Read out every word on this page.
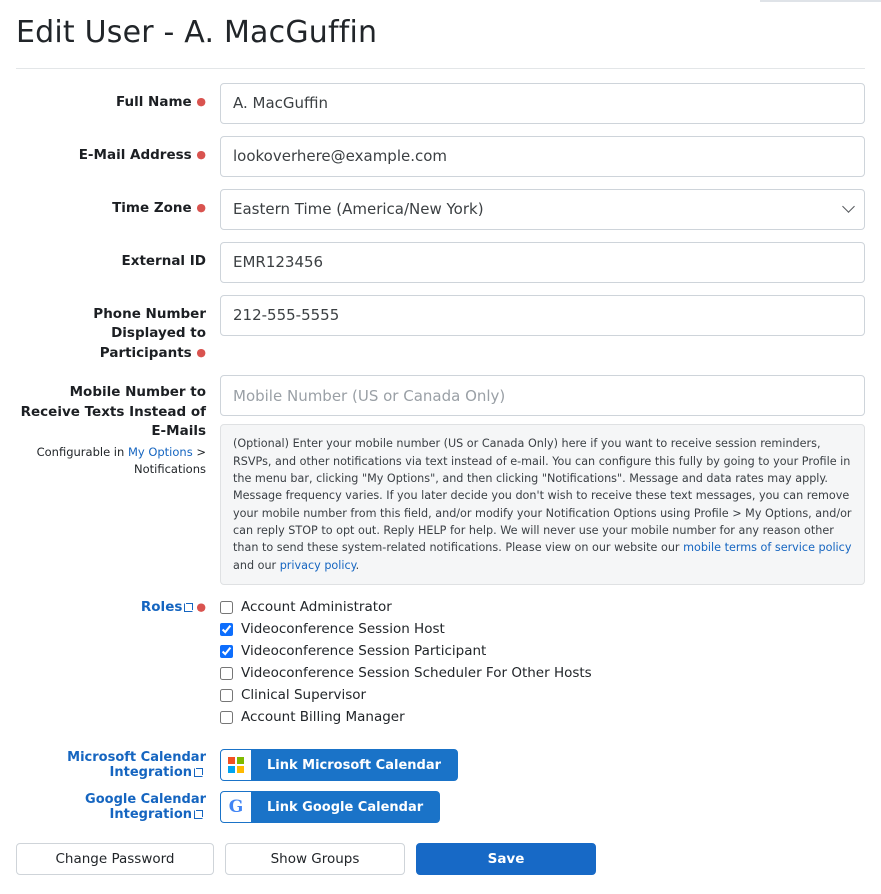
Edit User - A. MacGuffin
Full Name ●
A. MacGuffin
E-Mail Address ●
lookoverhere@example.com
Time Zone ●
Eastern Time (America/New York)
External ID
EMR123456
Phone Number Displayed to Participants ●
212-555-5555
Mobile Number to Receive Texts Instead of E-Mails
Configurable in My Options > Notifications
Mobile Number (US or Canada Only)
(Optional) Enter your mobile number (US or Canada Only) here if you want to receive session reminders, RSVPs, and other notifications via text instead of e-mail. You can configure this fully by going to your Profile in the menu bar, clicking "My Options", and then clicking "Notifications". Message and data rates may apply. Message frequency varies. If you later decide you don't wish to receive these text messages, you can remove your mobile number from this field, and/or modify your Notification Options using Profile > My Options, and/or can reply STOP to opt out. Reply HELP for help. We will never use your mobile number for any reason other than to send these system-related notifications. Please view on our website our mobile terms of service policy and our privacy policy.
Roles ●	Account Administrator
Videoconference Session Host
Videoconference Session Participant
Videoconference Session Scheduler For Other Hosts
Clinical Supervisor
Account Billing Manager
Microsoft Calendar Integration	Link Microsoft Calendar
Google Calendar Integration	G	Link Google Calendar
Change Password	Show Groups	Save
